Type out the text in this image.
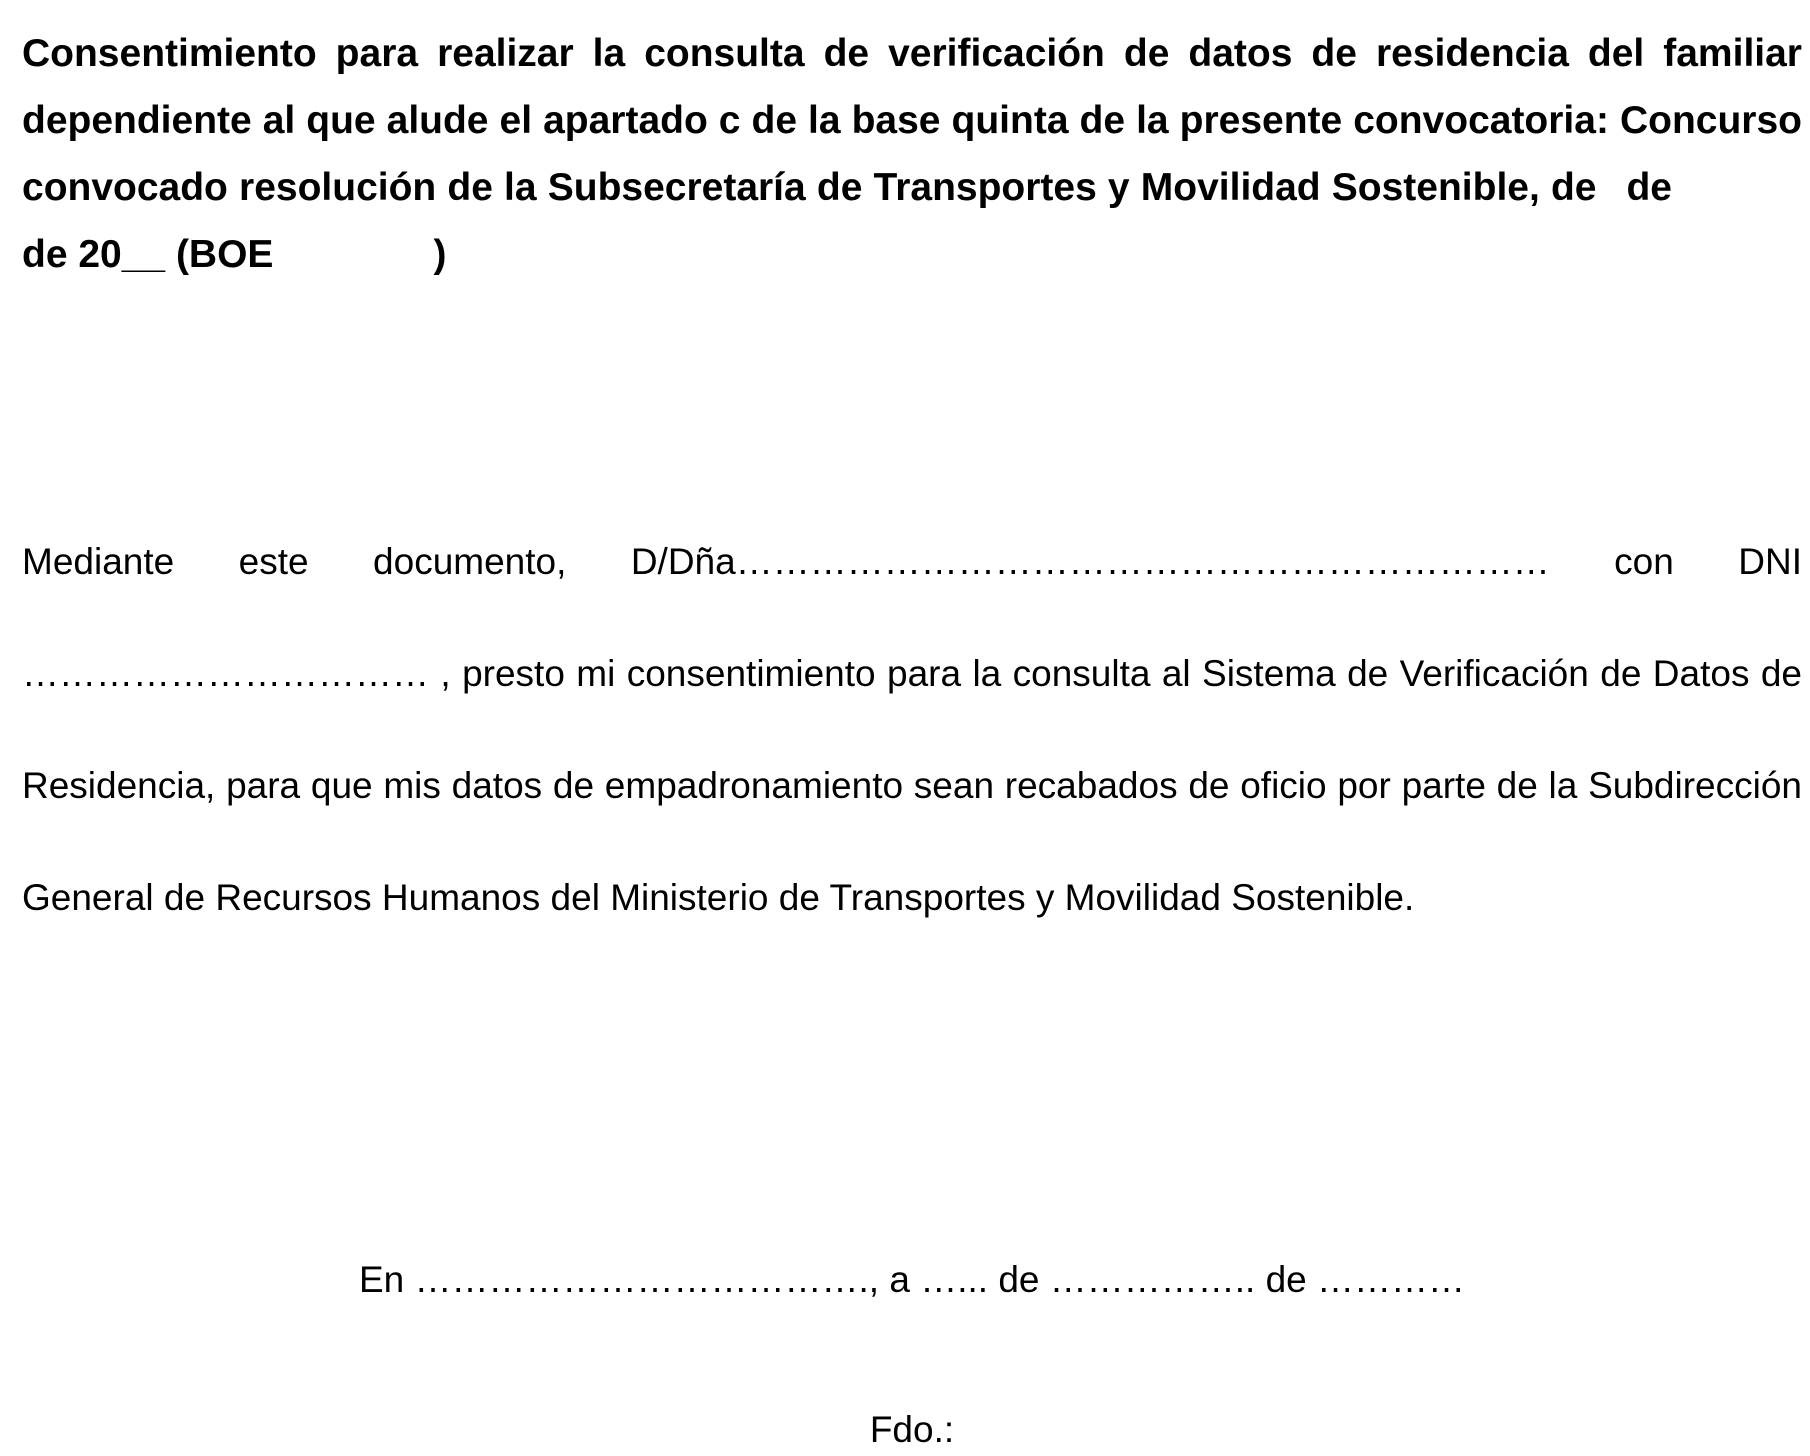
Consentimiento para realizar la consulta de verificación de datos de residencia del familiar dependiente al que alude el apartado c de la base quinta de la presente convocatoria: Concurso convocado resolución de la Subsecretaría de Transportes y Movilidad Sostenible, de dede 20__ (BOE	)

Mediante este documento, D/Dña………………………………………………………… con DNI …………………………… , presto mi consentimiento para la consulta al Sistema de Verificación de Datos de Residencia, para que mis datos de empadronamiento sean recabados de oficio por parte de la Subdirección General de Recursos Humanos del Ministerio de Transportes y Movilidad Sostenible.

En ………………………………., a …... de …………….. de …………
Fdo.:
